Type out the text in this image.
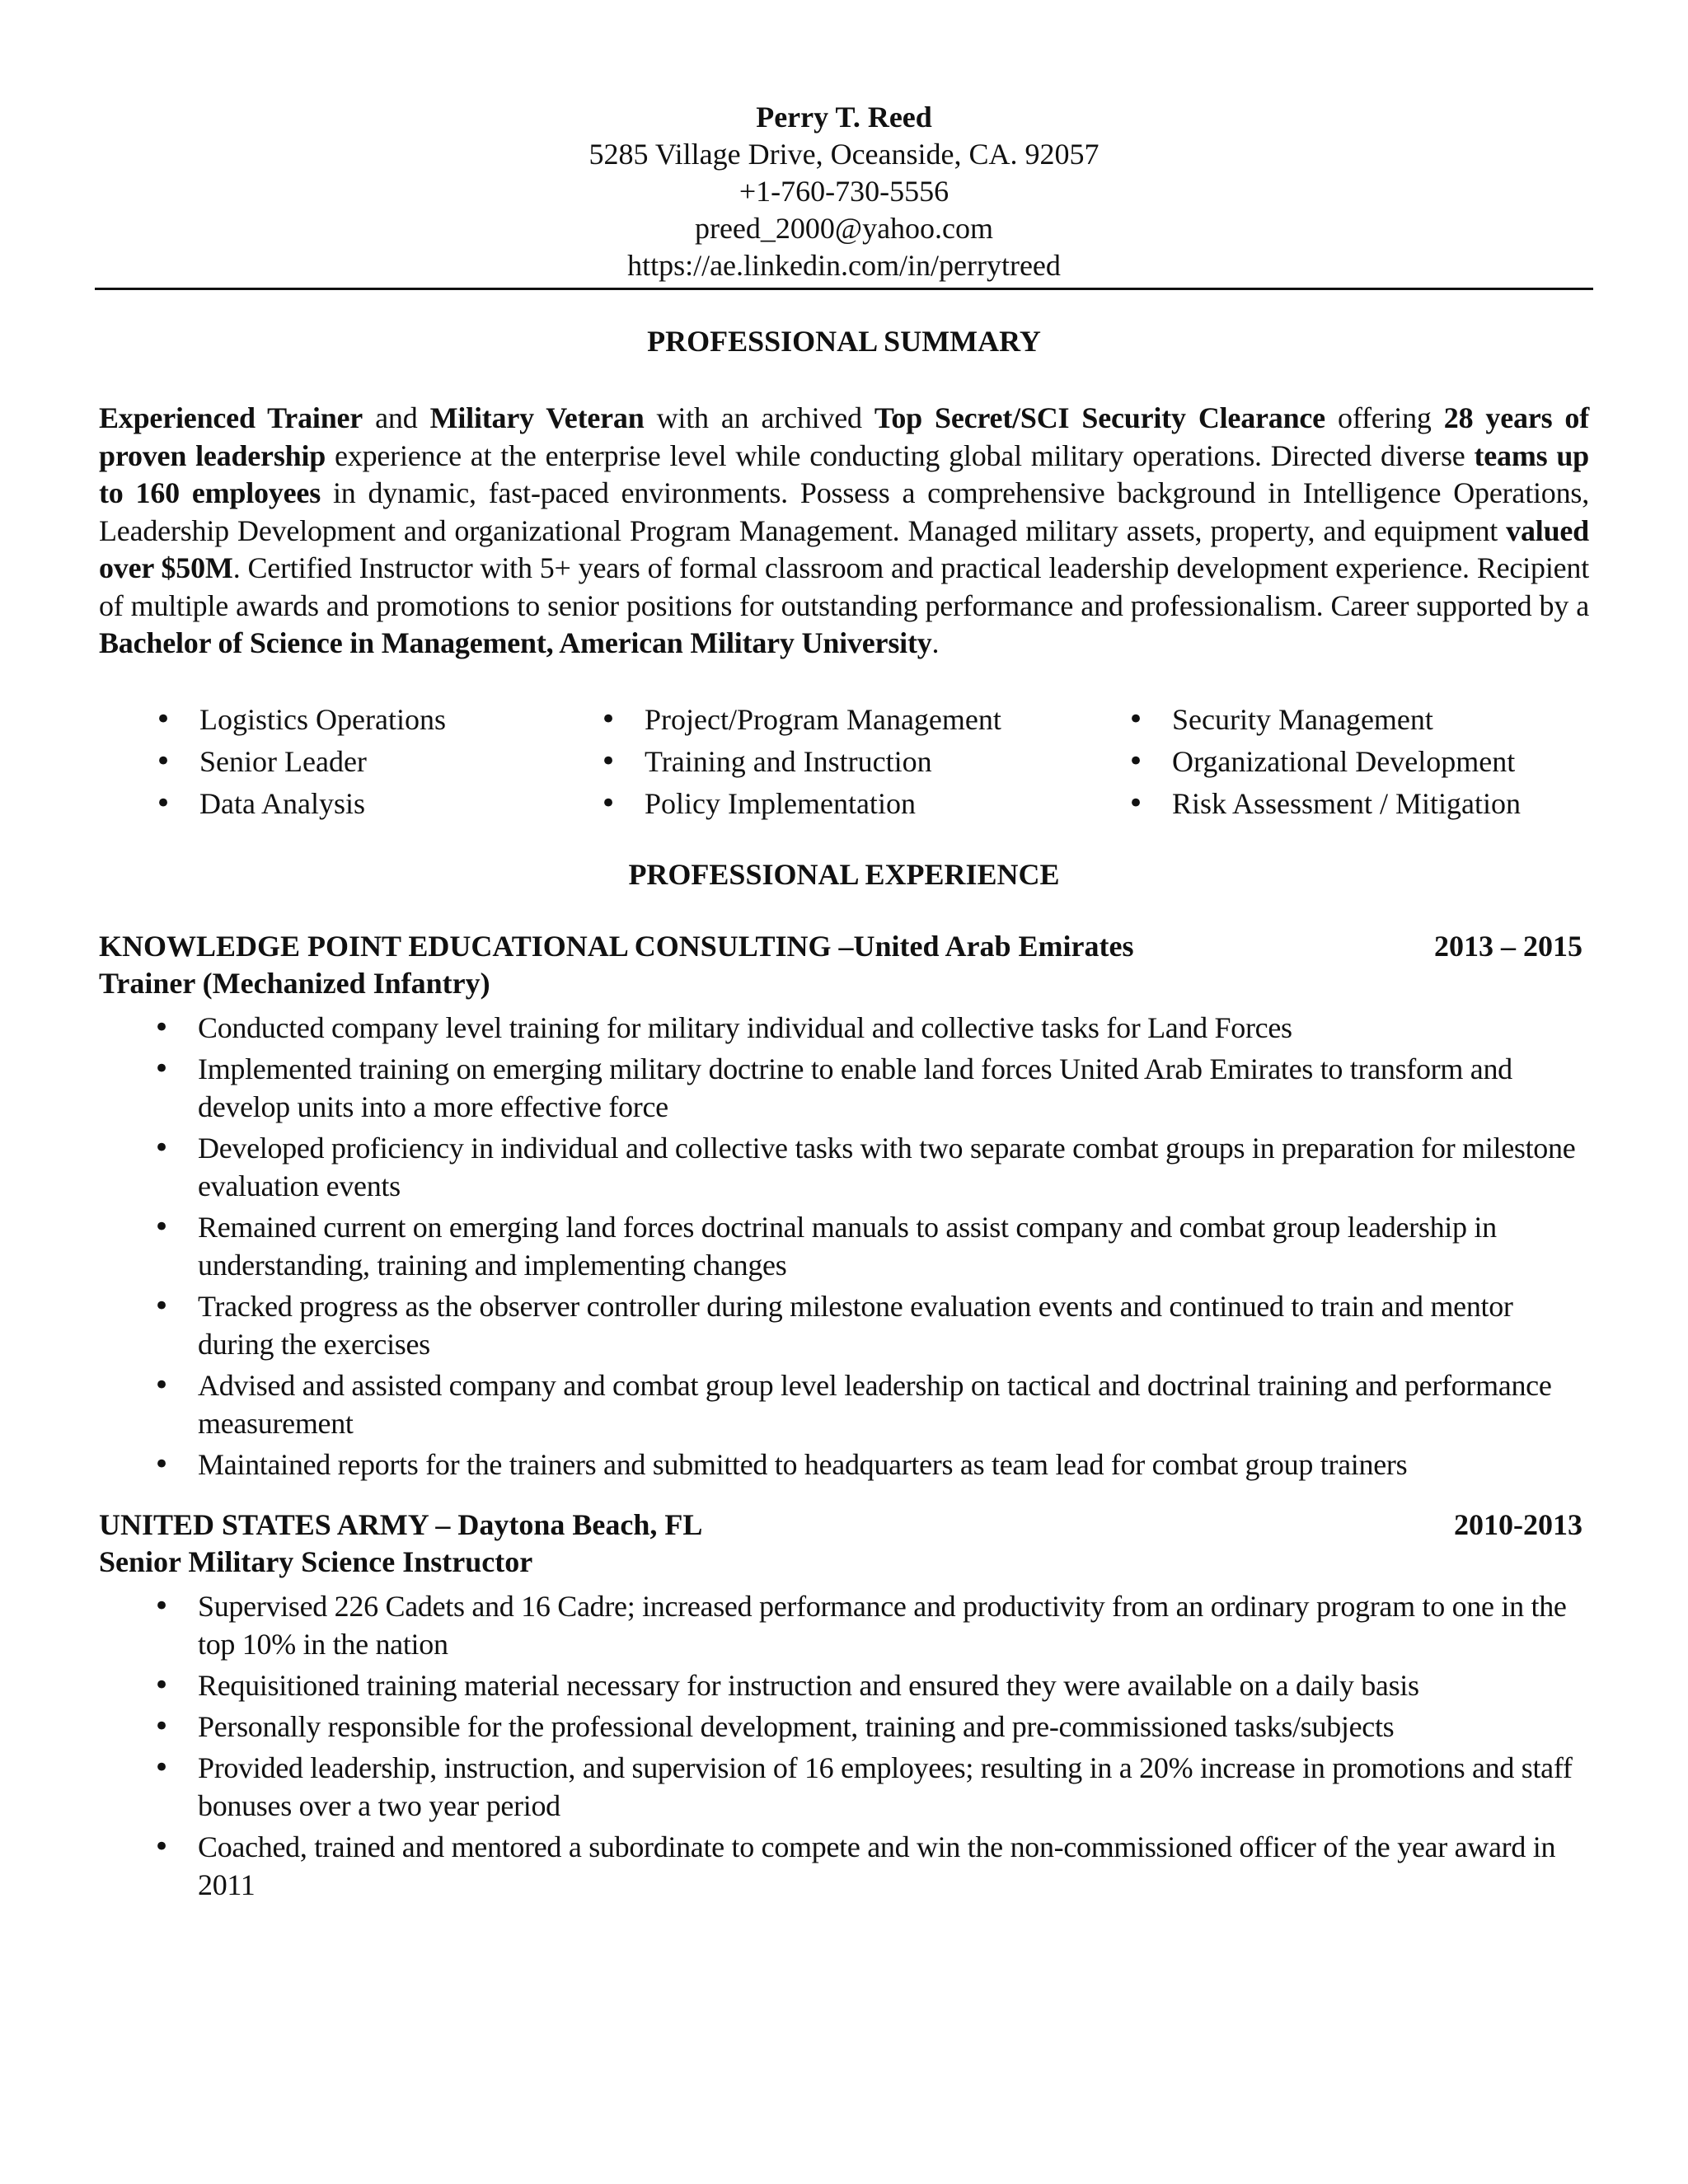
Perry T. Reed
5285 Village Drive, Oceanside, CA. 92057
+1-760-730-5556
preed_2000@yahoo.com
https://ae.linkedin.com/in/perrytreed
PROFESSIONAL SUMMARY

Experienced Trainer and Military Veteran with an archived Top Secret/SCI Security Clearance offering 28 years of proven leadership experience at the enterprise level while conducting global military operations. Directed diverse teams up to 160 employees in dynamic, fast-paced environments. Possess a comprehensive background in Intelligence Operations, Leadership Development and organizational Program Management. Managed military assets, property, and equipment valued over $50M. Certified Instructor with 5+ years of formal classroom and practical leadership development experience. Recipient of multiple awards and promotions to senior positions for outstanding performance and professionalism. Career supported by a Bachelor of Science in Management, American Military University.

• Logistics Operations	• Project/Program Management	• Security Management
• Senior Leader	• Training and Instruction	• Organizational Development
• Data Analysis	• Policy Implementation	• Risk Assessment / Mitigation
PROFESSIONAL EXPERIENCE
KNOWLEDGE POINT EDUCATIONAL CONSULTING –United Arab Emirates	2013 – 2015
Trainer (Mechanized Infantry)
• Conducted company level training for military individual and collective tasks for Land Forces
• Implemented training on emerging military doctrine to enable land forces United Arab Emirates to transform and develop units into a more effective force
• Developed proficiency in individual and collective tasks with two separate combat groups in preparation for milestone evaluation events
• Remained current on emerging land forces doctrinal manuals to assist company and combat group leadership in understanding, training and implementing changes
• Tracked progress as the observer controller during milestone evaluation events and continued to train and mentor during the exercises
• Advised and assisted company and combat group level leadership on tactical and doctrinal training and performance measurement
• Maintained reports for the trainers and submitted to headquarters as team lead for combat group trainers
UNITED STATES ARMY – Daytona Beach, FL	2010-2013
Senior Military Science Instructor
• Supervised 226 Cadets and 16 Cadre; increased performance and productivity from an ordinary program to one in the top 10% in the nation
• Requisitioned training material necessary for instruction and ensured they were available on a daily basis
• Personally responsible for the professional development, training and pre-commissioned tasks/subjects
• Provided leadership, instruction, and supervision of 16 employees; resulting in a 20% increase in promotions and staff bonuses over a two year period
• Coached, trained and mentored a subordinate to compete and win the non-commissioned officer of the year award in 2011
